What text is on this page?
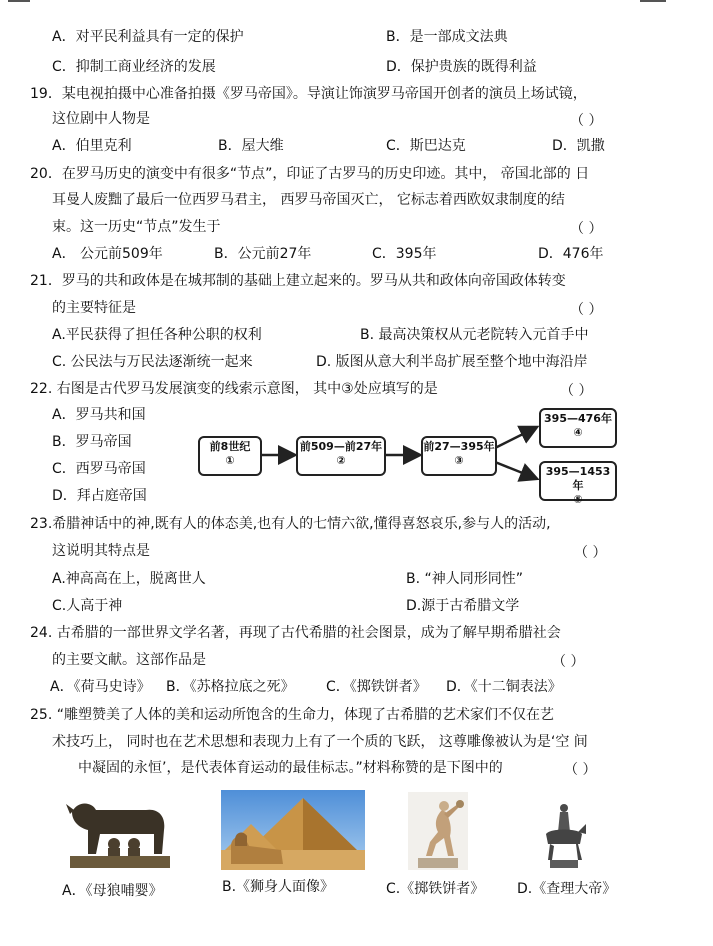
A．对平民利益具有一定的保护	B．是一部成文法典
C．抑制工商业经济的发展	D．保护贵族的既得利益
19．某电视拍摄中心准备拍摄《罗马帝国》。导演让饰演罗马帝国开创者的演员上场试镜，
这位剧中人物是	（ ）
A．伯里克利	B．屋大维	C．斯巴达克	D．凯撒
20．在罗马历史的演变中有很多“节点”，印证了古罗马的历史印迹。其中， 帝国北部的 日
耳曼人废黜了最后一位西罗马君主， 西罗马帝国灭亡， 它标志着西欧奴隶制度的结
束。这一历史“节点”发生于	（ ）
A． 公元前509年	B．公元前27年	C．395年	D．476年
21．罗马的共和政体是在城邦制的基础上建立起来的。罗马从共和政体向帝国政体转变
的主要特征是	（ ）
A.平民获得了担任各种公职的权利	B. 最高决策权从元老院转入元首手中
C. 公民法与万民法逐渐统一起来	D. 版图从意大利半岛扩展至整个地中海沿岸
22. 右图是古代罗马发展演变的线索示意图， 其中③处应填写的是	（ ）
A．罗马共和国
B．罗马帝国
C．西罗马帝国
D．拜占庭帝国
前8世纪
①
前509—前27年
②
前27—395年
③
395—476年
④
395—1453年
⑤
23.希腊神话中的神,既有人的体态美,也有人的七情六欲,懂得喜怒哀乐,参与人的活动,
这说明其特点是	（ ）
A.神高高在上，脱离世人	B. “神人同形同性”
C.人高于神	D.源于古希腊文学
24. 古希腊的一部世界文学名著，再现了古代希腊的社会图景，成为了解早期希腊社会
的主要文献。这部作品是	（ ）
A．《荷马史诗》 B．《苏格拉底之死》 C．《掷铁饼者》 D．《十二铜表法》
25. “雕塑赞美了人体的美和运动所饱含的生命力，体现了古希腊的艺术家们不仅在艺
术技巧上， 同时也在艺术思想和表现力上有了一个质的飞跃， 这尊雕像被认为是‘空 间
中凝固的永恒’，是代表体育运动的最佳标志。”材料称赞的是下图中的	（ ）
A．《母狼哺婴》	B.《狮身人面像》	C.《掷铁饼者》 D.《查理大帝》
